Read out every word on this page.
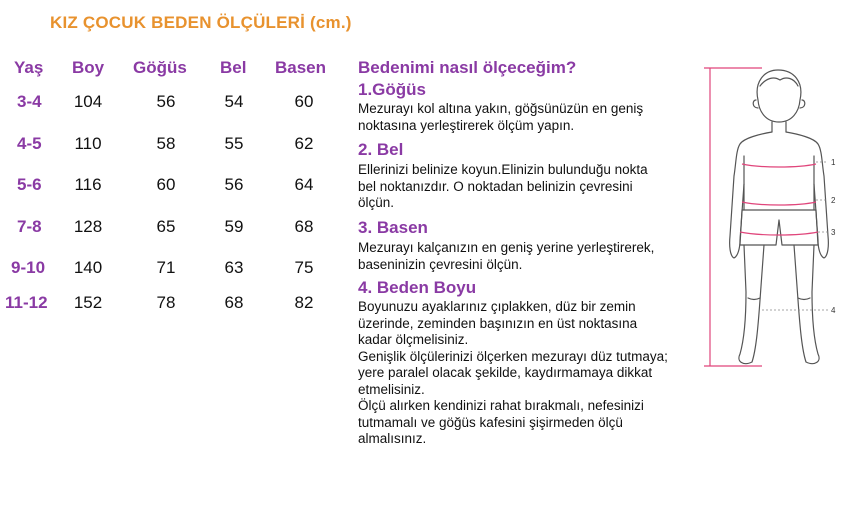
KIZ ÇOCUK BEDEN ÖLÇÜLERİ (cm.)
Yaş Boy Göğüs Bel Basen
3-4	104	56	54	60
4-5	110	58	55	62
5-6	116	60	56	64
7-8	128	65	59	68
9-10	140	71	63	75
11-12	152	78	68	82
Bedenimi nasıl ölçeceğim?
1.Göğüs
Mezurayı kol altına yakın, göğsünüzün en geniş
noktasına yerleştirerek ölçüm yapın.
2. Bel
Ellerinizi belinize koyun.Elinizin bulunduğu nokta
bel noktanızdır. O noktadan belinizin çevresini
ölçün.
3. Basen
Mezurayı kalçanızın en geniş yerine yerleştirerek,
baseninizin çevresini ölçün.
4. Beden Boyu
Boyunuzu ayaklarınız çıplakken, düz bir zemin
üzerinde, zeminden başınızın en üst noktasına
kadar ölçmelisiniz.
Genişlik ölçülerinizi ölçerken mezurayı düz tutmaya;
yere paralel olacak şekilde, kaydırmamaya dikkat
etmelisiniz.
Ölçü alırken kendinizi rahat bırakmalı, nefesinizi
tutmamalı ve göğüs kafesini şişirmeden ölçü
almalısınız.
1
2
3
4
